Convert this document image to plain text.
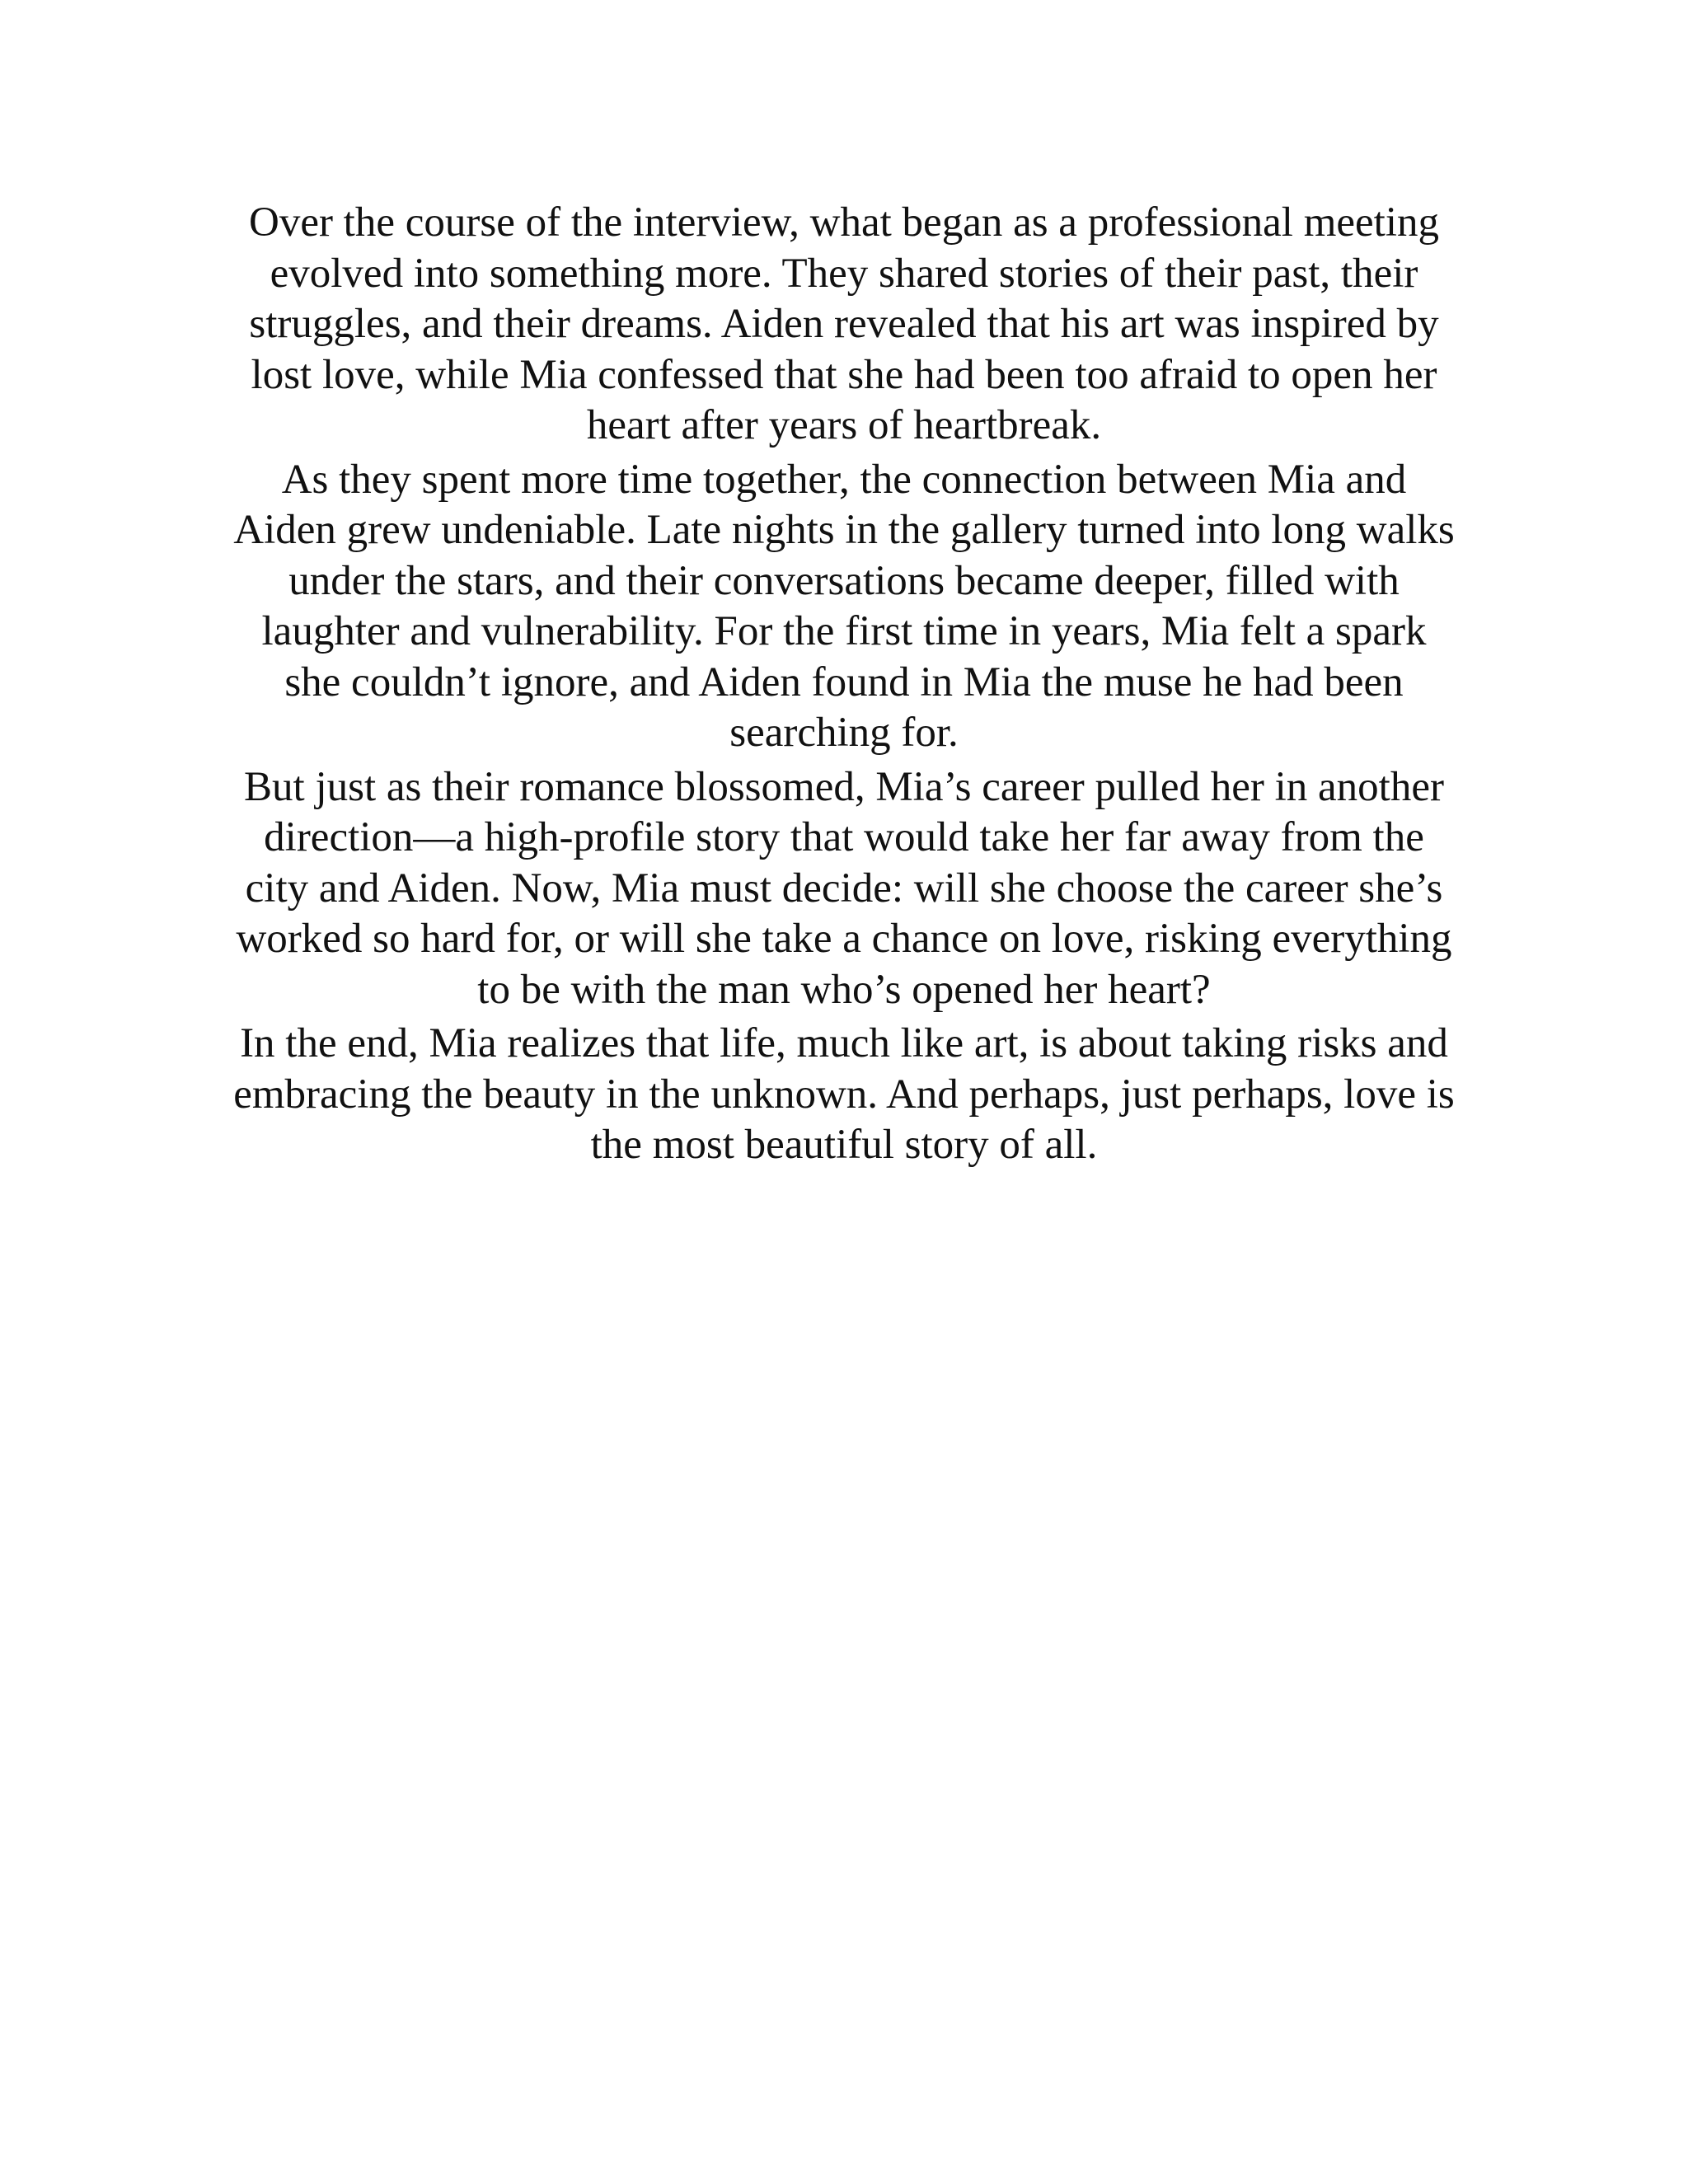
Over the course of the interview, what began as a professional meeting
evolved into something more. They shared stories of their past, their
struggles, and their dreams. Aiden revealed that his art was inspired by
lost love, while Mia confessed that she had been too afraid to open her
heart after years of heartbreak.

As they spent more time together, the connection between Mia and
Aiden grew undeniable. Late nights in the gallery turned into long walks
under the stars, and their conversations became deeper, filled with
laughter and vulnerability. For the first time in years, Mia felt a spark
she couldn’t ignore, and Aiden found in Mia the muse he had been
searching for.

But just as their romance blossomed, Mia’s career pulled her in another
direction—a high-profile story that would take her far away from the
city and Aiden. Now, Mia must decide: will she choose the career she’s
worked so hard for, or will she take a chance on love, risking everything
to be with the man who’s opened her heart?

In the end, Mia realizes that life, much like art, is about taking risks and
embracing the beauty in the unknown. And perhaps, just perhaps, love is
the most beautiful story of all.
